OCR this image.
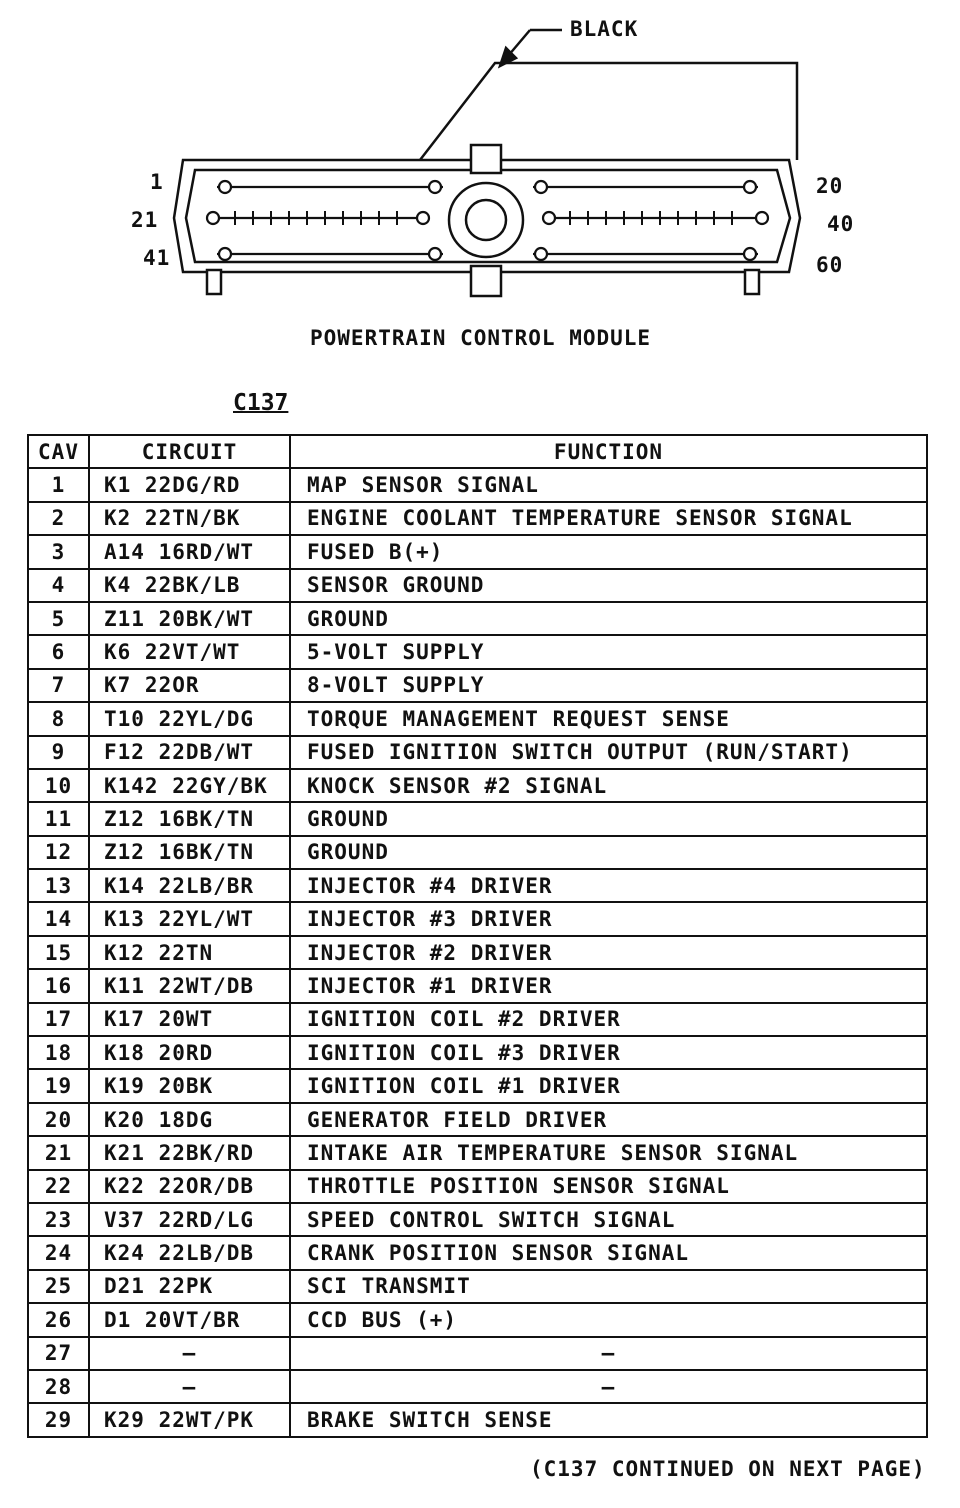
BLACK
1
21
41
20
40
60
POWERTRAIN CONTROL MODULE
C137
CAV	CIRCUIT	FUNCTION
1	K1 22DG/RD	MAP SENSOR SIGNAL
2	K2 22TN/BK	ENGINE COOLANT TEMPERATURE SENSOR SIGNAL
3	A14 16RD/WT	FUSED B(+)
4	K4 22BK/LB	SENSOR GROUND
5	Z11 20BK/WT	GROUND
6	K6 22VT/WT	5-VOLT SUPPLY
7	K7 22OR	8-VOLT SUPPLY
8	T10 22YL/DG	TORQUE MANAGEMENT REQUEST SENSE
9	F12 22DB/WT	FUSED IGNITION SWITCH OUTPUT (RUN/START)
10	K142 22GY/BK	KNOCK SENSOR #2 SIGNAL
11	Z12 16BK/TN	GROUND
12	Z12 16BK/TN	GROUND
13	K14 22LB/BR	INJECTOR #4 DRIVER
14	K13 22YL/WT	INJECTOR #3 DRIVER
15	K12 22TN	INJECTOR #2 DRIVER
16	K11 22WT/DB	INJECTOR #1 DRIVER
17	K17 20WT	IGNITION COIL #2 DRIVER
18	K18 20RD	IGNITION COIL #3 DRIVER
19	K19 20BK	IGNITION COIL #1 DRIVER
20	K20 18DG	GENERATOR FIELD DRIVER
21	K21 22BK/RD	INTAKE AIR TEMPERATURE SENSOR SIGNAL
22	K22 22OR/DB	THROTTLE POSITION SENSOR SIGNAL
23	V37 22RD/LG	SPEED CONTROL SWITCH SIGNAL
24	K24 22LB/DB	CRANK POSITION SENSOR SIGNAL
25	D21 22PK	SCI TRANSMIT
26	D1 20VT/BR	CCD BUS (+)
27	—	—
28	—	—
29	K29 22WT/PK	BRAKE SWITCH SENSE
(C137 CONTINUED ON NEXT PAGE)
